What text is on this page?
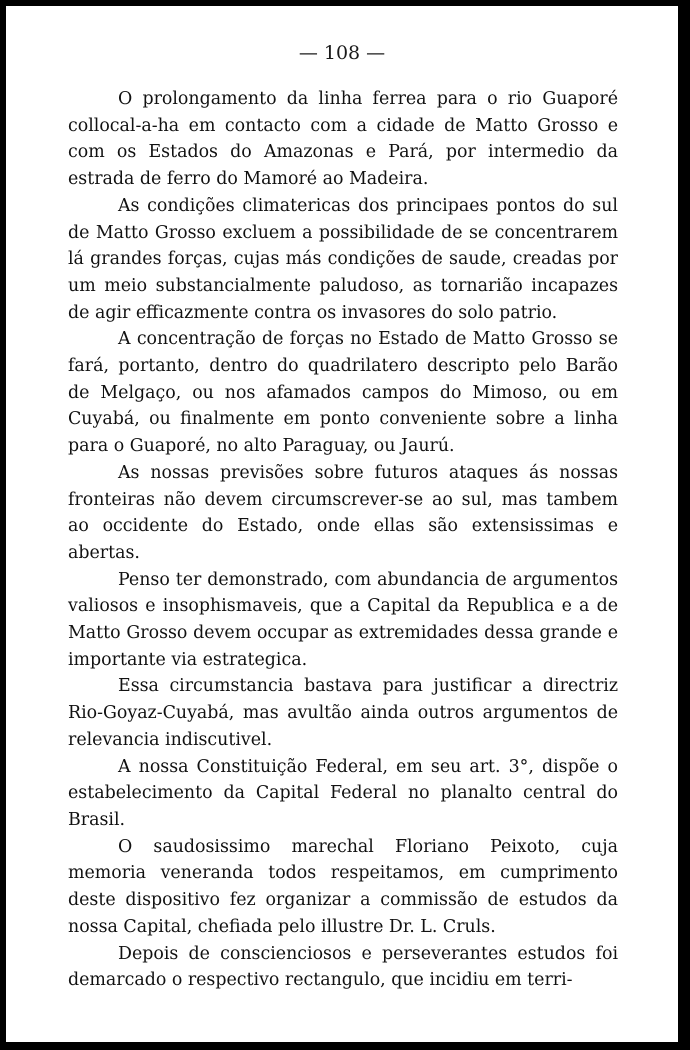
— 108 —

O prolongamento da linha ferrea para o rio Guaporé collocal-a-ha em contacto com a cidade de Matto Grosso e com os Estados do Amazonas e Pará, por intermedio da estrada de ferro do Mamoré ao Madeira.

As condições climatericas dos principaes pontos do sul de Matto Grosso excluem a possibilidade de se concentrarem lá grandes forças, cujas más condições de saude, creadas por um meio substancialmente paludoso, as tornarião incapazes de agir efficazmente contra os invasores do solo patrio.

A concentração de forças no Estado de Matto Grosso se fará, portanto, dentro do quadrilatero descripto pelo Barão de Melgaço, ou nos afamados campos do Mimoso, ou em Cuyabá, ou finalmente em ponto conveniente sobre a linha para o Guaporé, no alto Paraguay, ou Jaurú.

As nossas previsões sobre futuros ataques ás nossas fronteiras não devem circumscrever-se ao sul, mas tambem ao occidente do Estado, onde ellas são extensissimas e abertas.

Penso ter demonstrado, com abundancia de argumentos valiosos e insophismaveis, que a Capital da Republica e a de Matto Grosso devem occupar as extremidades dessa grande e importante via estrategica.

Essa circumstancia bastava para justificar a directriz Rio-Goyaz-Cuyabá, mas avultão ainda outros argumentos de relevancia indiscutivel.

A nossa Constituição Federal, em seu art. 3°, dispõe o estabelecimento da Capital Federal no planalto central do Brasil.

O saudosissimo marechal Floriano Peixoto, cuja memoria veneranda todos respeitamos, em cumprimento deste dispositivo fez organizar a commissão de estudos da nossa Capital, chefiada pelo illustre Dr. L. Cruls.

Depois de conscienciosos e perseverantes estudos foi demarcado o respectivo rectangulo, que incidiu em terri-
